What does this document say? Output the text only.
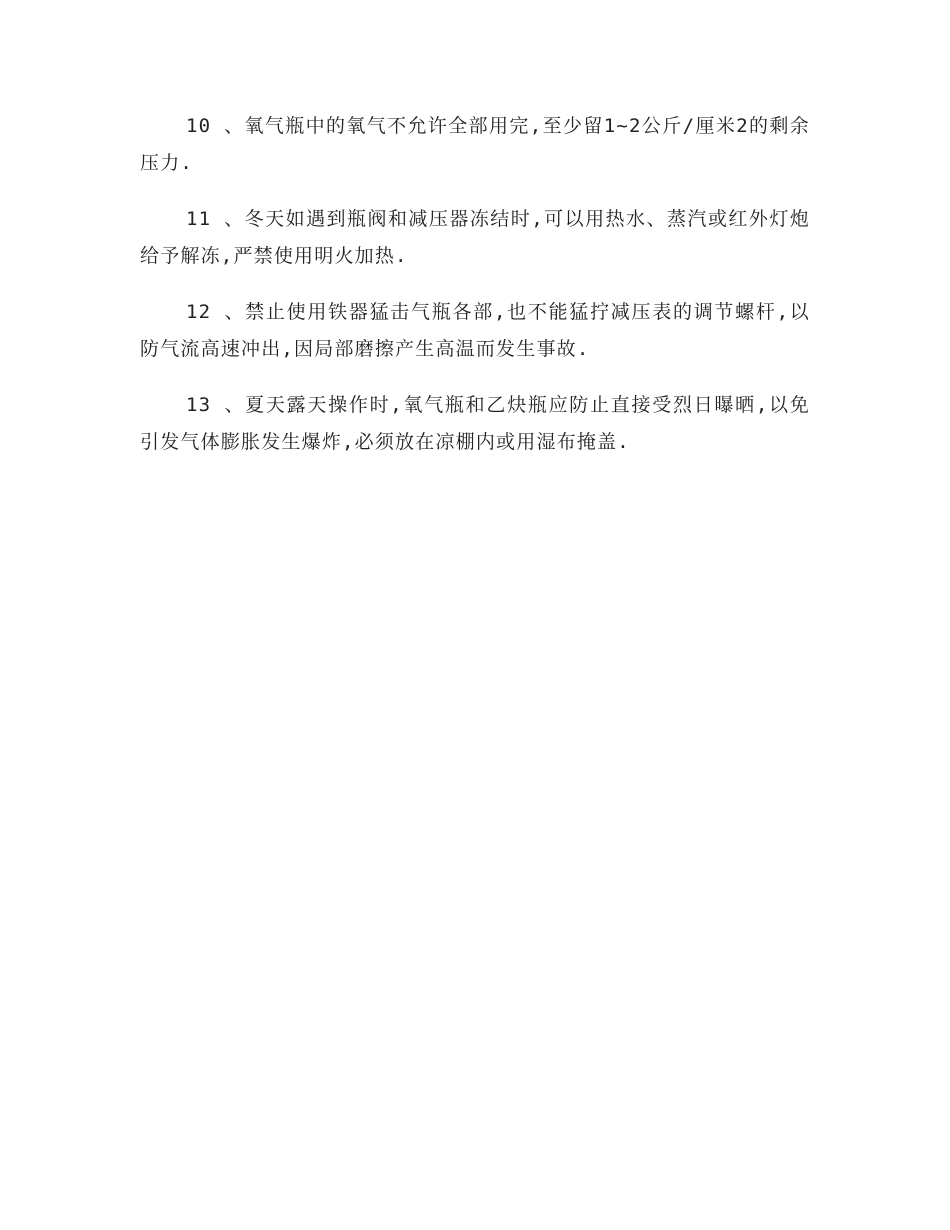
10 、氧气瓶中的氧气不允许全部用完,至少留1~2公斤/厘米2的剩余压力.

11 、冬天如遇到瓶阀和减压器冻结时,可以用热水、蒸汽或红外灯炮给予解冻,严禁使用明火加热.

12 、禁止使用铁器猛击气瓶各部,也不能猛拧减压表的调节螺杆,以防气流高速冲出,因局部磨擦产生高温而发生事故.

13 、夏天露天操作时,氧气瓶和乙炔瓶应防止直接受烈日曝晒,以免引发气体膨胀发生爆炸,必须放在凉棚内或用湿布掩盖.
